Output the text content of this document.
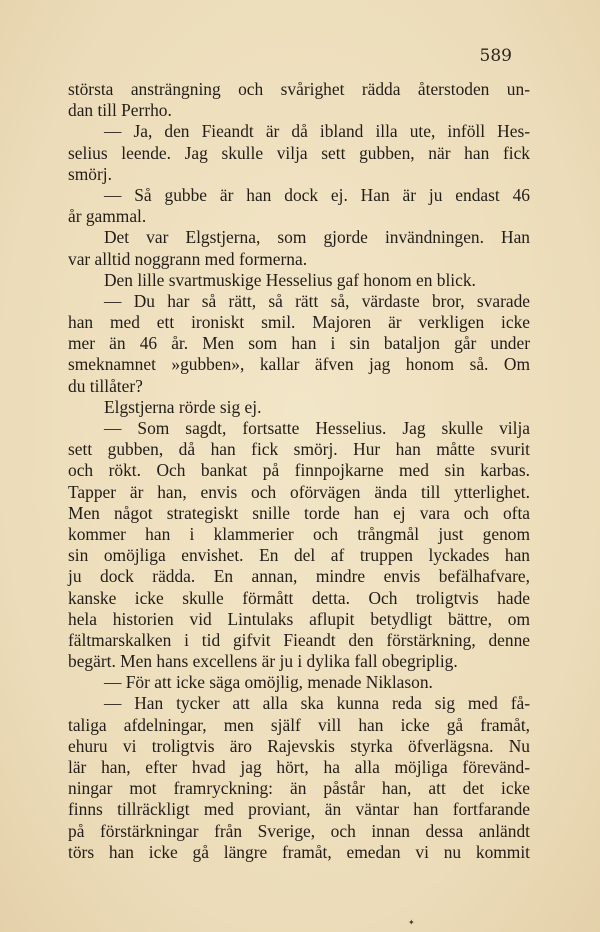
589
största ansträngning och svårighet rädda återstoden un-
dan till Perrho.
— Ja, den Fieandt är då ibland illa ute, inföll Hes-
selius leende. Jag skulle vilja sett gubben, när han fick
smörj.
— Så gubbe är han dock ej. Han är ju endast 46
år gammal.
Det var Elgstjerna, som gjorde invändningen. Han
var alltid noggrann med formerna.
Den lille svartmuskige Hesselius gaf honom en blick.
— Du har så rätt, så rätt så, värdaste bror, svarade
han med ett ironiskt smil. Majoren är verkligen icke
mer än 46 år. Men som han i sin bataljon går under
smeknamnet »gubben», kallar äfven jag honom så. Om
du tillåter?
Elgstjerna rörde sig ej.
— Som sagdt, fortsatte Hesselius. Jag skulle vilja
sett gubben, då han fick smörj. Hur han måtte svurit
och rökt. Och bankat på finnpojkarne med sin karbas.
Tapper är han, envis och oförvägen ända till ytterlighet.
Men något strategiskt snille torde han ej vara och ofta
kommer han i klammerier och trångmål just genom
sin omöjliga envishet. En del af truppen lyckades han
ju dock rädda. En annan, mindre envis befälhafvare,
kanske icke skulle förmått detta. Och troligtvis hade
hela historien vid Lintulaks aflupit betydligt bättre, om
fältmarskalken i tid gifvit Fieandt den förstärkning, denne
begärt. Men hans excellens är ju i dylika fall obegriplig.
— För att icke säga omöjlig, menade Niklason.
— Han tycker att alla ska kunna reda sig med få-
taliga afdelningar, men själf vill han icke gå framåt,
ehuru vi troligtvis äro Rajevskis styrka öfverlägsna. Nu
lär han, efter hvad jag hört, ha alla möjliga förevänd-
ningar mot framryckning: än påstår han, att det icke
finns tillräckligt med proviant, än väntar han fortfarande
på förstärkningar från Sverige, och innan dessa anländt
törs han icke gå längre framåt, emedan vi nu kommit
✦
